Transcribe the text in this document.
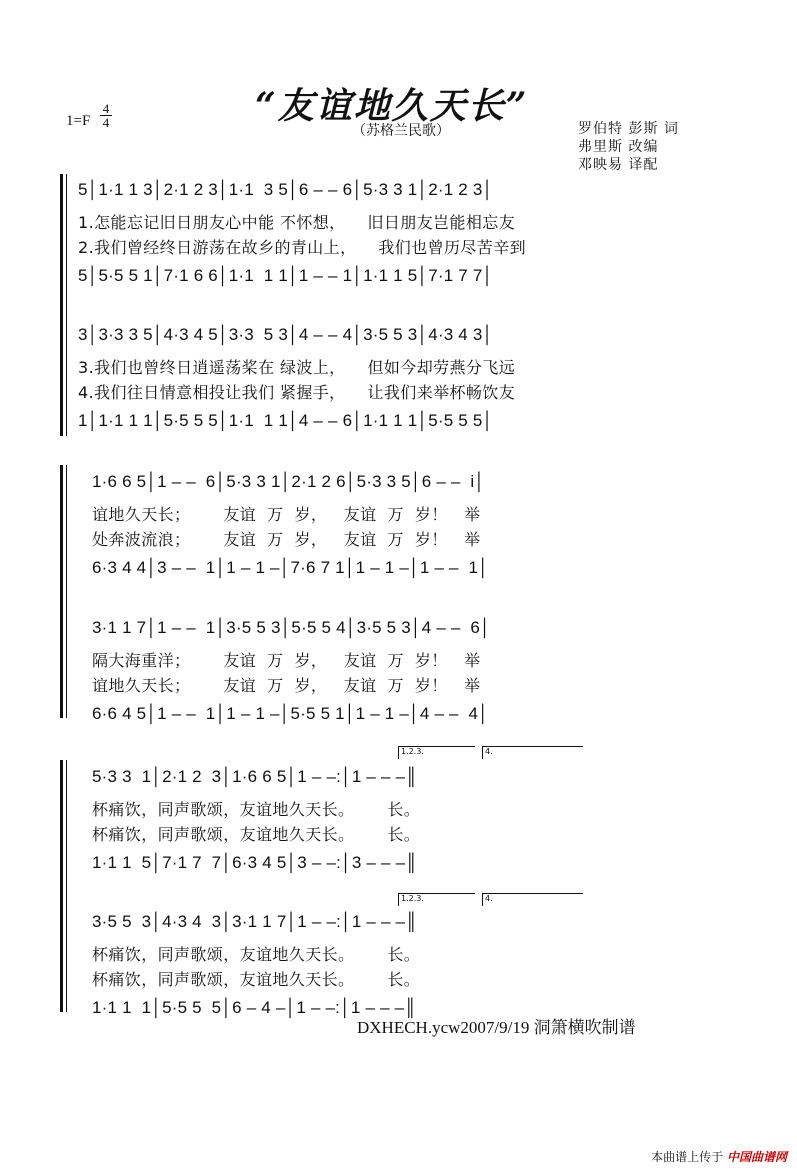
“友谊地久天长”
（苏格兰民歌）
1=F
4
4	罗伯特 彭斯 词
弗里斯 改编
邓映易 译配
5│1·1 1 3│2·1 2 3│1·1  3 5│6 – – 6│5·3 3 1│2·1 2 3│
1.怎能忘记旧日朋友心中能 不怀想，    旧日朋友岂能相忘友
2.我们曾经终日游荡在故乡的青山上，    我们也曾历尽苦辛到
5│5·5 5 1│7·1 6 6│1·1  1 1│1 – – 1│1·1 1 5│7·1 7 7│
3│3·3 3 5│4·3 4 5│3·3  5 3│4 – – 4│3·5 5 3│4·3 4 3│
3.我们也曾终日逍遥荡桨在 绿波上，    但如今却劳燕分飞远
4.我们往日情意相投让我们 紧握手，    让我们来举杯畅饮友
1│1·1 1 1│5·5 5 5│1·1  1 1│4 – – 6│1·1 1 1│5·5 5 5│
1·6 6 5│1 – –  6│5·3 3 1│2·1 2 6│5·3 3 5│6 – –  i│
谊地久天长；      友谊  万  岁，   友谊  万  岁！   举
处奔波流浪；      友谊  万  岁，   友谊  万  岁！   举
6·3 4 4│3 – –  1│1 – 1 –│7·6 7 1│1 – 1 –│1 – –  1│
3·1 1 7│1 – –  1│3·5 5 3│5·5 5 4│3·5 5 3│4 – –  6│
隔大海重洋；      友谊  万  岁，   友谊  万  岁！   举
谊地久天长；      友谊  万  岁，   友谊  万  岁！   举
6·6 4 5│1 – –  1│1 – 1 –│5·5 5 1│1 – 1 –│4 – –  4│
1.2.3.	4.
5·3 3  1│2·1 2  3│1·6 6 5│1 – –:│1 – – –║
杯痛饮，同声歌颂，友谊地久天长。      长。
杯痛饮，同声歌颂，友谊地久天长。      长。
1·1 1  5│7·1 7  7│6·3 4 5│3 – –:│3 – – –║
1.2.3.	4.
3·5 5  3│4·3 4  3│3·1 1 7│1 – –:│1 – – –║
杯痛饮，同声歌颂，友谊地久天长。      长。
杯痛饮，同声歌颂，友谊地久天长。      长。
1·1 1  1│5·5 5  5│6 – 4 –│1 – –:│1 – – –║
DXHECH.ycw2007/9/19 洞箫横吹制谱
本曲谱上传于 中国曲谱网
